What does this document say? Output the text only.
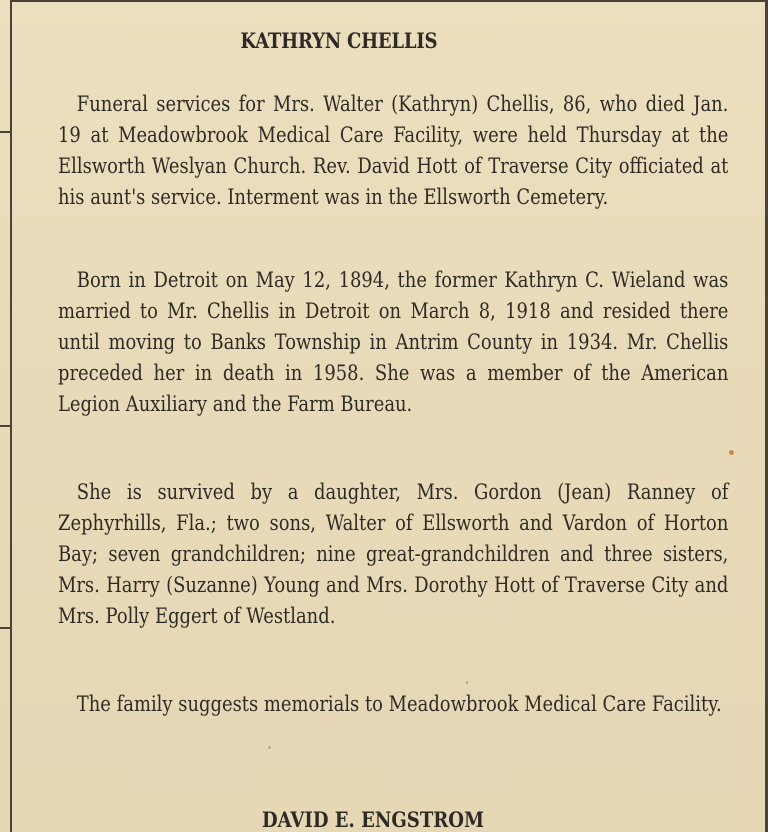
KATHRYN CHELLIS

Funeral services for Mrs. Walter (Kathryn) Chellis, 86, who died Jan. 19 at Meadowbrook Medical Care Facility, were held Thursday at the Ellsworth Weslyan Church. Rev. David Hott of Traverse City officiated at his aunt's service. Interment was in the Ellsworth Cemetery.

Born in Detroit on May 12, 1894, the former Kathryn C. Wieland was married to Mr. Chellis in Detroit on March 8, 1918 and resided there until moving to Banks Township in Antrim County in 1934. Mr. Chellis preceded her in death in 1958. She was a member of the American Legion Auxiliary and the Farm Bureau.

She is survived by a daughter, Mrs. Gordon (Jean) Ranney of Zephyrhills, Fla.; two sons, Walter of Ellsworth and Vardon of Horton Bay; seven grandchildren; nine great-grandchildren and three sisters, Mrs. Harry (Suzanne) Young and Mrs. Dorothy Hott of Traverse City and Mrs. Polly Eggert of Westland.

The family suggests memorials to Meadowbrook Medical Care Facility.

DAVID E. ENGSTROM
